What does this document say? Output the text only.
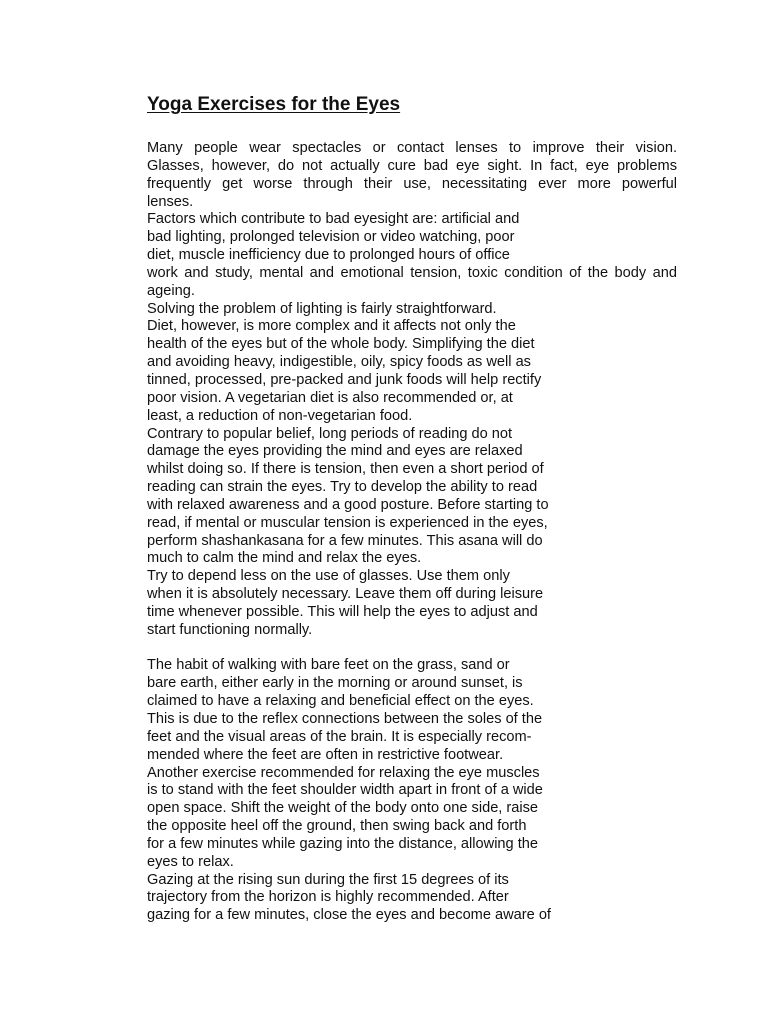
Yoga Exercises for the Eyes
Many people wear spectacles or contact lenses to improve their vision.
Glasses, however, do not actually cure bad eye sight. In fact, eye problems
frequently get worse through their use, necessitating ever more powerful
lenses.
Factors which contribute to bad eyesight are: artificial and
bad lighting, prolonged television or video watching, poor
diet, muscle inefficiency due to prolonged hours of office
work and study, mental and emotional tension, toxic condition of the body and
ageing.
Solving the problem of lighting is fairly straightforward.
Diet, however, is more complex and it affects not only the
health of the eyes but of the whole body. Simplifying the diet
and avoiding heavy, indigestible, oily, spicy foods as well as
tinned, processed, pre-packed and junk foods will help rectify
poor vision. A vegetarian diet is also recommended or, at
least, a reduction of non-vegetarian food.
Contrary to popular belief, long periods of reading do not
damage the eyes providing the mind and eyes are relaxed
whilst doing so. If there is tension, then even a short period of
reading can strain the eyes. Try to develop the ability to read
with relaxed awareness and a good posture. Before starting to
read, if mental or muscular tension is experienced in the eyes,
perform shashankasana for a few minutes. This asana will do
much to calm the mind and relax the eyes.
Try to depend less on the use of glasses. Use them only
when it is absolutely necessary. Leave them off during leisure
time whenever possible. This will help the eyes to adjust and
start functioning normally.
The habit of walking with bare feet on the grass, sand or
bare earth, either early in the morning or around sunset, is
claimed to have a relaxing and beneficial effect on the eyes.
This is due to the reflex connections between the soles of the
feet and the visual areas of the brain. It is especially recom-
mended where the feet are often in restrictive footwear.
Another exercise recommended for relaxing the eye muscles
is to stand with the feet shoulder width apart in front of a wide
open space. Shift the weight of the body onto one side, raise
the opposite heel off the ground, then swing back and forth
for a few minutes while gazing into the distance, allowing the
eyes to relax.
Gazing at the rising sun during the first 15 degrees of its
trajectory from the horizon is highly recommended. After
gazing for a few minutes, close the eyes and become aware of
